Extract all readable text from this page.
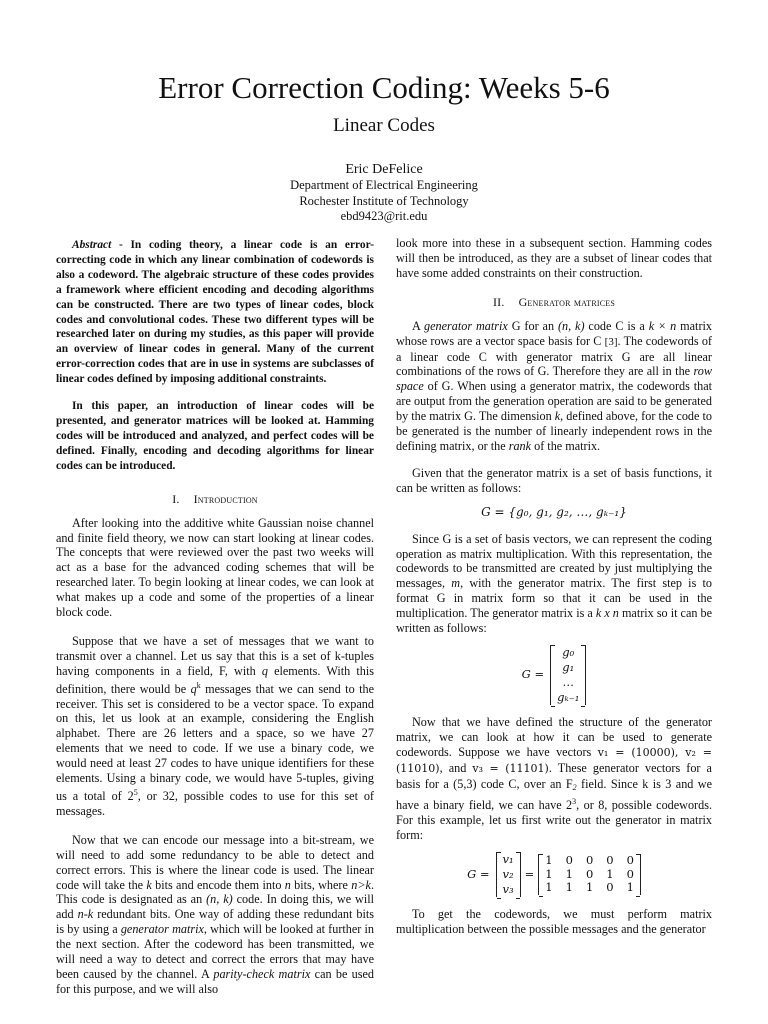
Error Correction Coding: Weeks 5-6
Linear Codes
Eric DeFelice
Department of Electrical Engineering
Rochester Institute of Technology
ebd9423@rit.edu

Abstract - In coding theory, a linear code is an error-correcting code in which any linear combination of codewords is also a codeword. The algebraic structure of these codes provides a framework where efficient encoding and decoding algorithms can be constructed. There are two types of linear codes, block codes and convolutional codes. These two different types will be researched later on during my studies, as this paper will provide an overview of linear codes in general. Many of the current error-correction codes that are in use in systems are subclasses of linear codes defined by imposing additional constraints.

In this paper, an introduction of linear codes will be presented, and generator matrices will be looked at. Hamming codes will be introduced and analyzed, and perfect codes will be defined. Finally, encoding and decoding algorithms for linear codes can be introduced.

I. Introduction

After looking into the additive white Gaussian noise channel and finite field theory, we now can start looking at linear codes. The concepts that were reviewed over the past two weeks will act as a base for the advanced coding schemes that will be researched later. To begin looking at linear codes, we can look at what makes up a code and some of the properties of a linear block code.

Suppose that we have a set of messages that we want to transmit over a channel. Let us say that this is a set of k-tuples having components in a field, F, with q elements. With this definition, there would be $q^k$ messages that we can send to the receiver. This set is considered to be a vector space. To expand on this, let us look at an example, considering the English alphabet. There are 26 letters and a space, so we have 27 elements that we need to code. If we use a binary code, we would need at least 27 codes to have unique identifiers for these elements. Using a binary code, we would have 5-tuples, giving us a total of $2^5$, or 32, possible codes to use for this set of messages.

Now that we can encode our message into a bit-stream, we will need to add some redundancy to be able to detect and correct errors. This is where the linear code is used. The linear code will take the k bits and encode them into n bits, where n>k. This code is designated as an (n, k) code. In doing this, we will add n-k redundant bits. One way of adding these redundant bits is by using a generator matrix, which will be looked at further in the next section. After the codeword has been transmitted, we will need a way to detect and correct the errors that may have been caused by the channel. A parity-check matrix can be used for this purpose, and we will also

look more into these in a subsequent section. Hamming codes will then be introduced, as they are a subset of linear codes that have some added constraints on their construction.

II. Generator matrices

A generator matrix G for an (n, k) code C is a k × n matrix whose rows are a vector space basis for C [3]. The codewords of a linear code C with generator matrix G are all linear combinations of the rows of G. Therefore they are all in the row space of G. When using a generator matrix, the codewords that are output from the generation operation are said to be generated by the matrix G. The dimension k, defined above, for the code to be generated is the number of linearly independent rows in the defining matrix, or the rank of the matrix.

Given that the generator matrix is a set of basis functions, it can be written as follows:

G = {g₀, g₁, g₂, …, gₖ₋₁}

Since G is a set of basis vectors, we can represent the coding operation as matrix multiplication. With this representation, the codewords to be transmitted are created by just multiplying the messages, m, with the generator matrix. The first step is to format G in matrix form so that it can be used in the multiplication. The generator matrix is a k x n matrix so it can be written as follows:

G =
g₀
g₁
…
gₖ₋₁

Now that we have defined the structure of the generator matrix, we can look at how it can be used to generate codewords. Suppose we have vectors v₁ = (10000), v₂ = (11010), and v₃ = (11101). These generator vectors for a basis for a (5,3) code C, over an $F_2$ field. Since k is 3 and we have a binary field, we can have $2^3$, or 8, possible codewords. For this example, let us first write out the generator in matrix form:

G =
v₁
v₂
v₃
=
1 0 0 0 0
1 1 0 1 0
1 1 1 0 1

To get the codewords, we must perform matrix multiplication between the possible messages and the generator
